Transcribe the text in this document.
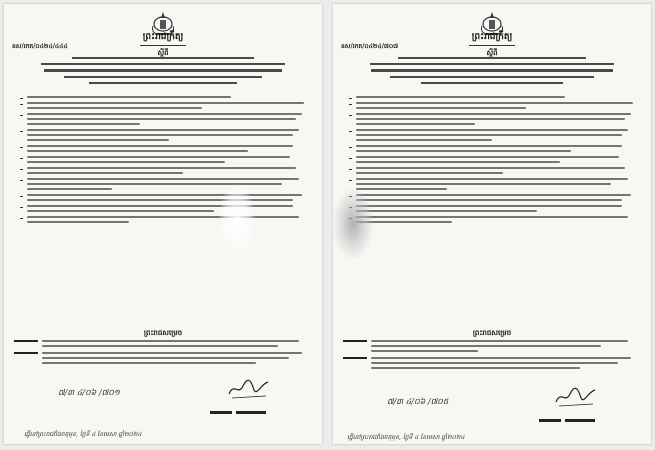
ព្រះរាជក្រឹត្យ
នស/រកត/០៤២៤/៤៤៤
ស្តីពី
ព្រះរាជ​សម្រេច
៧/៣ ៤/០៦ /៧០១
ធ្វើនៅព្រះរាជវាំងចតុមុខ, ថ្ងៃទី ៤ ខែមេសា ឆ្នាំ២០២៤
ព្រះរាជក្រឹត្យ
នស/រកត/០៤២៤/៧០៧
ស្តីពី
ព្រះរាជ​សម្រេច
៧/៣ ៤/០៦ /៧០៥
ធ្វើនៅព្រះរាជវាំងចតុមុខ, ថ្ងៃទី ៤ ខែមេសា ឆ្នាំ២០២៤
